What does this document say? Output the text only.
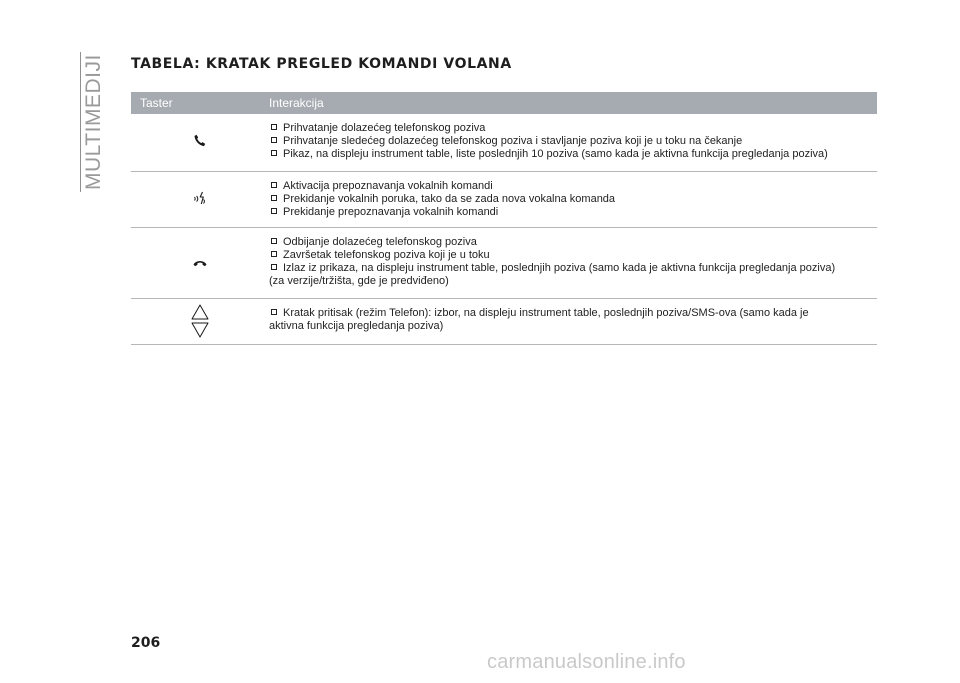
MULTIMEDIJI TABELA: KRATAK PREGLED KOMANDI VOLANA
Taster	Interakcija
Prihvatanje dolazećeg telefonskog poziva
Prihvatanje sledećeg dolazećeg telefonskog poziva i stavljanje poziva koji je u toku na čekanje
Pikaz, na displeju instrument table, liste poslednjih 10 poziva (samo kada je aktivna funkcija pregledanja poziva)
Aktivacija prepoznavanja vokalnih komandi
Prekidanje vokalnih poruka, tako da se zada nova vokalna komanda
Prekidanje prepoznavanja vokalnih komandi
Odbijanje dolazećeg telefonskog poziva
Završetak telefonskog poziva koji je u toku
Izlaz iz prikaza, na displeju instrument table, poslednjih poziva (samo kada je aktivna funkcija pregledanja poziva)
(za verzije/tržišta, gde je predviđeno)
Kratak pritisak (režim Telefon): izbor, na displeju instrument table, poslednjih poziva/SMS-ova (samo kada je
aktivna funkcija pregledanja poziva)
206
carmanualsonline.info
